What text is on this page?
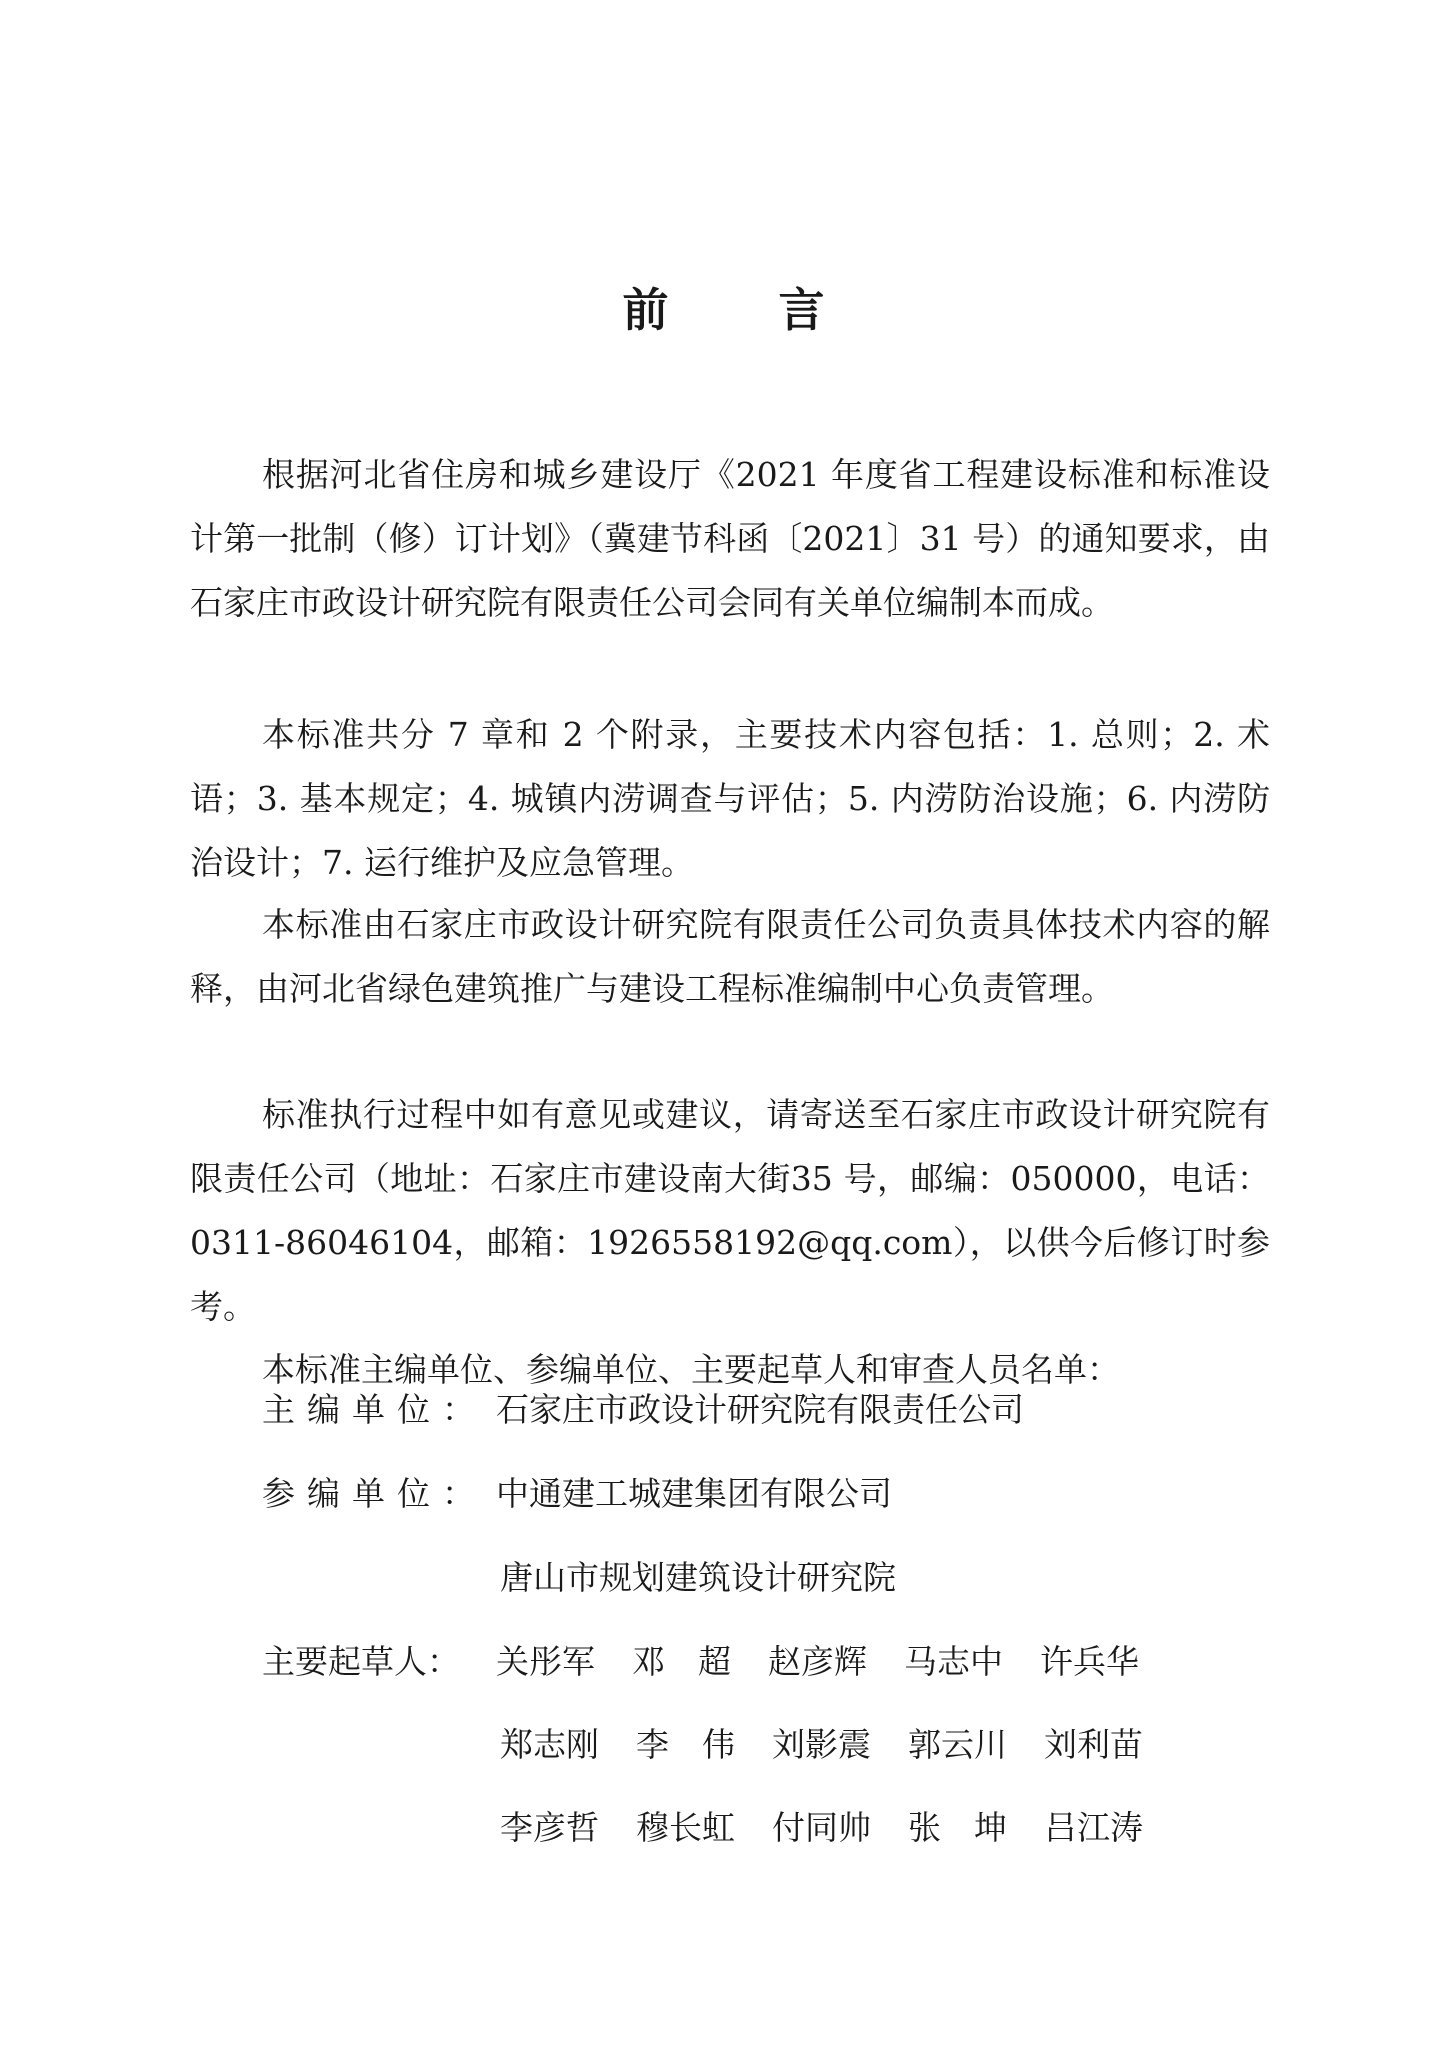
前言

根据河北省住房和城乡建设厅《2021 年度省工程建设标准和标准设计第一批制（修）订计划》（冀建节科函〔2021〕31 号）的通知要求，由石家庄市政设计研究院有限责任公司会同有关单位编制本而成。

本标准共分 7 章和 2 个附录，主要技术内容包括：1. 总则；2. 术语；3. 基本规定；4. 城镇内涝调查与评估；5. 内涝防治设施；6. 内涝防治设计；7. 运行维护及应急管理。

本标准由石家庄市政设计研究院有限责任公司负责具体技术内容的解释，由河北省绿色建筑推广与建设工程标准编制中心负责管理。

标准执行过程中如有意见或建议，请寄送至石家庄市政设计研究院有限责任公司（地址：石家庄市建设南大街35 号，邮编：050000，电话：0311-86046104，邮箱：1926558192@qq.com），以供今后修订时参考。

本标准主编单位、参编单位、主要起草人和审查人员名单：

主编单位： 石家庄市政设计研究院有限责任公司
参编单位： 中通建工城建集团有限公司
唐山市规划建筑设计研究院
主要起草人： 关彤军 邓　超 赵彦辉 马志中 许兵华
郑志刚 李　伟 刘影震 郭云川 刘利苗
李彦哲 穆长虹 付同帅 张　坤 吕江涛
